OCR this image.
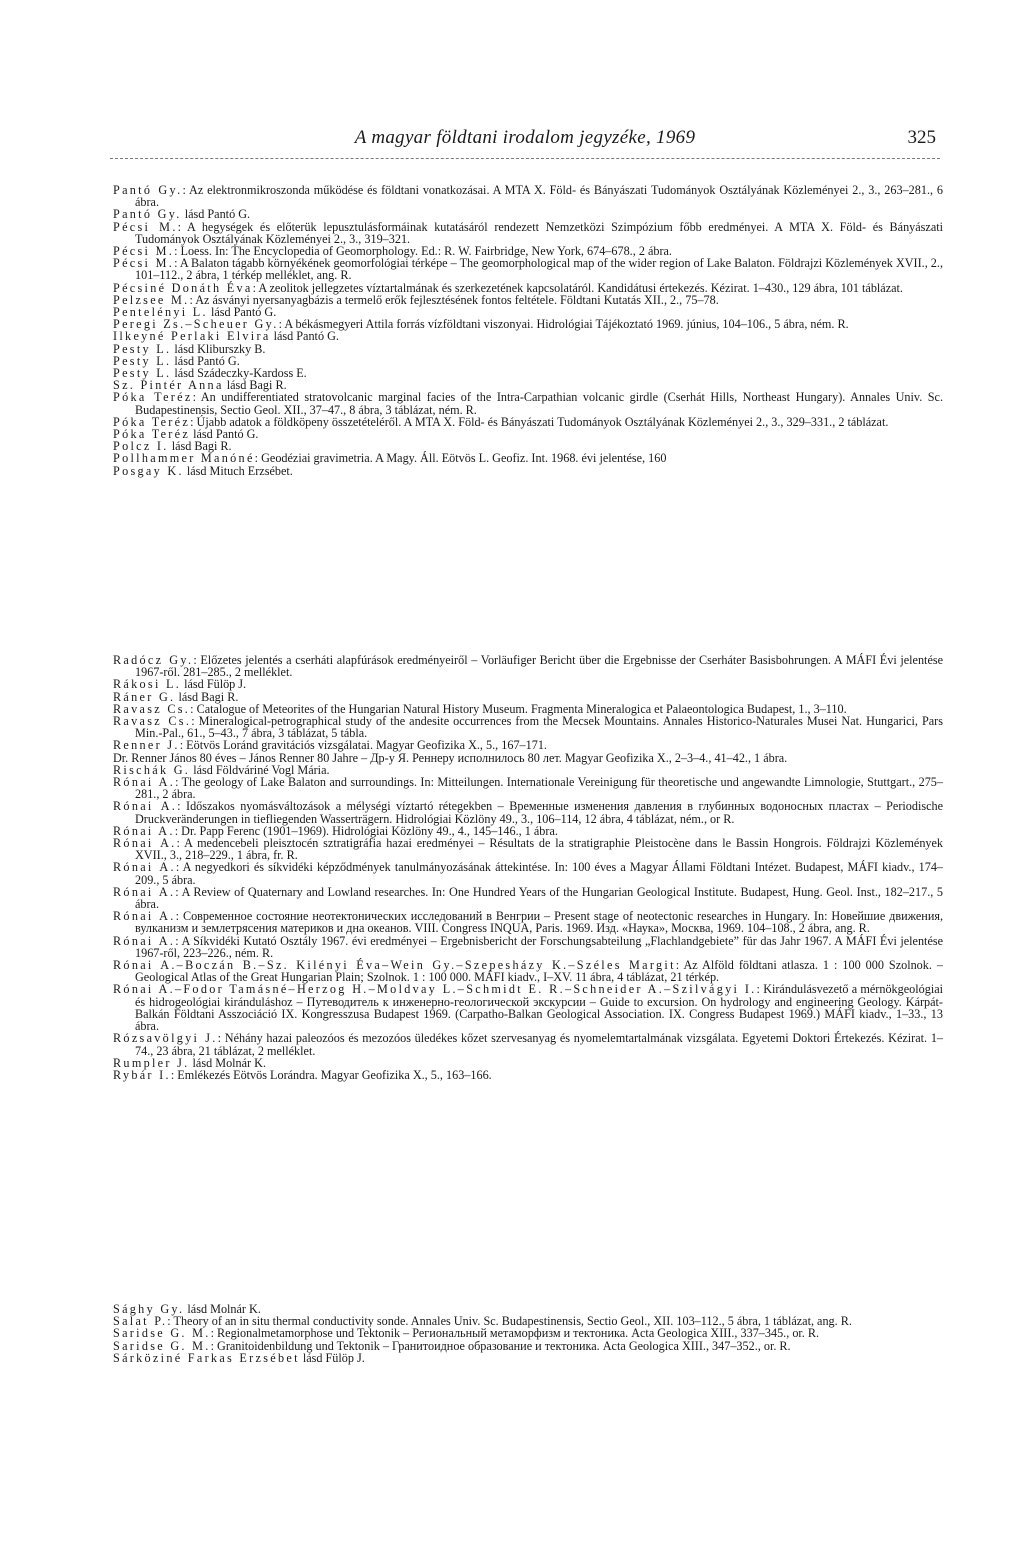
A magyar földtani irodalom jegyzéke, 1969	325

Pantó Gy.: Az elektronmikroszonda működése és földtani vonatkozásai. A MTA X. Föld- és Bányászati Tudományok Osztályának Közleményei 2., 3., 263–281., 6 ábra.

Pantó Gy. lásd Pantó G.

Pécsi M.: A hegységek és előterük lepusztulásformáinak kutatásáról rendezett Nemzetközi Szimpózium főbb eredményei. A MTA X. Föld- és Bányászati Tudományok Osztályának Közleményei 2., 3., 319–321.

Pécsi M.: Loess. In: The Encyclopedia of Geomorphology. Ed.: R. W. Fairbridge, New York, 674–678., 2 ábra.

Pécsi M.: A Balaton tágabb környékének geomorfológiai térképe – The geomorphological map of the wider region of Lake Balaton. Földrajzi Közlemények XVII., 2., 101–112., 2 ábra, 1 térkép melléklet, ang. R.

Pécsiné Donáth Éva: A zeolitok jellegzetes víztartalmának és szerkezetének kapcsolatáról. Kandidátusi értekezés. Kézirat. 1–430., 129 ábra, 101 táblázat.

Pelzsee M.: Az ásványi nyersanyagbázis a termelő erők fejlesztésének fontos feltétele. Földtani Kutatás XII., 2., 75–78.

Pentelényi L. lásd Pantó G.

Peregi Zs.–Scheuer Gy.: A békásmegyeri Attila forrás vízföldtani viszonyai. Hidrológiai Tájékoztató 1969. június, 104–106., 5 ábra, ném. R.

Ilkeyné Perlaki Elvira lásd Pantó G.

Pesty L. lásd Kliburszky B.

Pesty L. lásd Pantó G.

Pesty L. lásd Szádeczky-Kardoss E.

Sz. Pintér Anna lásd Bagi R.

Póka Teréz: An undifferentiated stratovolcanic marginal facies of the Intra-Carpathian volcanic girdle (Cserhát Hills, Northeast Hungary). Annales Univ. Sc. Budapestinensis, Sectio Geol. XII., 37–47., 8 ábra, 3 táblázat, ném. R.

Póka Teréz: Újabb adatok a földköpeny összetételéről. A MTA X. Föld- és Bányászati Tudományok Osztályának Közleményei 2., 3., 329–331., 2 táblázat.

Póka Teréz lásd Pantó G.

Polcz I. lásd Bagi R.

Pollhammer Manóné: Geodéziai gravimetria. A Magy. Áll. Eötvös L. Geofiz. Int. 1968. évi jelentése, 160

Posgay K. lásd Mituch Erzsébet.

Radócz Gy.: Előzetes jelentés a cserháti alapfúrások eredményeiről – Vorläufiger Bericht über die Ergebnisse der Cserháter Basisbohrungen. A MÁFI Évi jelentése 1967-ről. 281–285., 2 melléklet.

Rákosi L. lásd Fülöp J.

Ráner G. lásd Bagi R.

Ravasz Cs.: Catalogue of Meteorites of the Hungarian Natural History Museum. Fragmenta Mineralogica et Palaeontologica Budapest, 1., 3–110.

Ravasz Cs.: Mineralogical-petrographical study of the andesite occurrences from the Mecsek Mountains. Annales Historico-Naturales Musei Nat. Hungarici, Pars Min.-Pal., 61., 5–43., 7 ábra, 3 táblázat, 5 tábla.

Renner J.: Eötvös Loránd gravitációs vizsgálatai. Magyar Geofizika X., 5., 167–171.

Dr. Renner János 80 éves – János Renner 80 Jahre – Др-у Я. Реннеру исполнилось 80 лет. Magyar Geofizika X., 2–3–4., 41–42., 1 ábra.

Rischák G. lásd Földváriné Vogl Mária.

Rónai A.: The geology of Lake Balaton and surroundings. In: Mitteilungen. Internationale Vereinigung für theoretische und angewandte Limnologie, Stuttgart., 275–281., 2 ábra.

Rónai A.: Időszakos nyomásváltozások a mélységi víztartó rétegekben – Временные изменения давления в глубинных водоносных пластах – Periodische Druckveränderungen in tiefliegenden Wasserträgern. Hidrológiai Közlöny 49., 3., 106–114, 12 ábra, 4 táblázat, ném., or R.

Rónai A.: Dr. Papp Ferenc (1901–1969). Hidrológiai Közlöny 49., 4., 145–146., 1 ábra.

Rónai A.: A medencebeli pleisztocén sztratigráfia hazai eredményei – Résultats de la stratigraphie Pleistocène dans le Bassin Hongrois. Földrajzi Közlemények XVII., 3., 218–229., 1 ábra, fr. R.

Rónai A.: A negyedkori és síkvidéki képződmények tanulmányozásának áttekintése. In: 100 éves a Magyar Állami Földtani Intézet. Budapest, MÁFI kiadv., 174–209., 5 ábra.

Rónai A.: A Review of Quaternary and Lowland researches. In: One Hundred Years of the Hungarian Geological Institute. Budapest, Hung. Geol. Inst., 182–217., 5 ábra.

Rónai A.: Современное состояние неотектонических исследований в Венгрии – Present stage of neotectonic researches in Hungary. In: Новейшие движения, вулканизм и землетрясения материков и дна океанов. VIII. Congress INQUA, Paris. 1969. Изд. «Наука», Москва, 1969. 104–108., 2 ábra, ang. R.

Rónai A.: A Síkvidéki Kutató Osztály 1967. évi eredményei – Ergebnisbericht der Forschungsabteilung „Flachlandgebiete” für das Jahr 1967. A MÁFI Évi jelentése 1967-ről, 223–226., ném. R.

Rónai A.–Boczán B.–Sz. Kilényi Éva–Wein Gy.–Szepesházy K.–Széles Margit: Az Alföld földtani atlasza. 1 : 100 000 Szolnok. – Geological Atlas of the Great Hungarian Plain; Szolnok. 1 : 100 000. MÁFI kiadv., I–XV. 11 ábra, 4 táblázat, 21 térkép.

Rónai A.–Fodor Tamásné–Herzog H.–Moldvay L.–Schmidt E. R.–Schneider A.–Szilvágyi I.: Kirándulásvezető a mérnökgeológiai és hidrogeológiai kiránduláshoz – Путеводитель к инженерно-геологической экскурсии – Guide to excursion. On hydrology and engineering Geology. Kárpát-Balkán Földtani Asszociáció IX. Kongresszusa Budapest 1969. (Carpatho-Balkan Geological Association. IX. Congress Budapest 1969.) MÁFI kiadv., 1–33., 13 ábra.

Rózsavölgyi J.: Néhány hazai paleozóos és mezozóos üledékes kőzet szervesanyag és nyomelemtartalmának vizsgálata. Egyetemi Doktori Értekezés. Kézirat. 1–74., 23 ábra, 21 táblázat, 2 melléklet.

Rumpler J. lásd Molnár K.

Rybár I.: Emlékezés Eötvös Lorándra. Magyar Geofizika X., 5., 163–166.

Sághy Gy. lásd Molnár K.

Salat P.: Theory of an in situ thermal conductivity sonde. Annales Univ. Sc. Budapestinensis, Sectio Geol., XII. 103–112., 5 ábra, 1 táblázat, ang. R.

Saridse G. M.: Regionalmetamorphose und Tektonik – Региональный метаморфизм и тектоника. Acta Geologica XIII., 337–345., or. R.

Saridse G. M.: Granitoidenbildung und Tektonik – Гранитоидное образование и тектоника. Acta Geologica XIII., 347–352., or. R.

Sárköziné Farkas Erzsébet lásd Fülöp J.
